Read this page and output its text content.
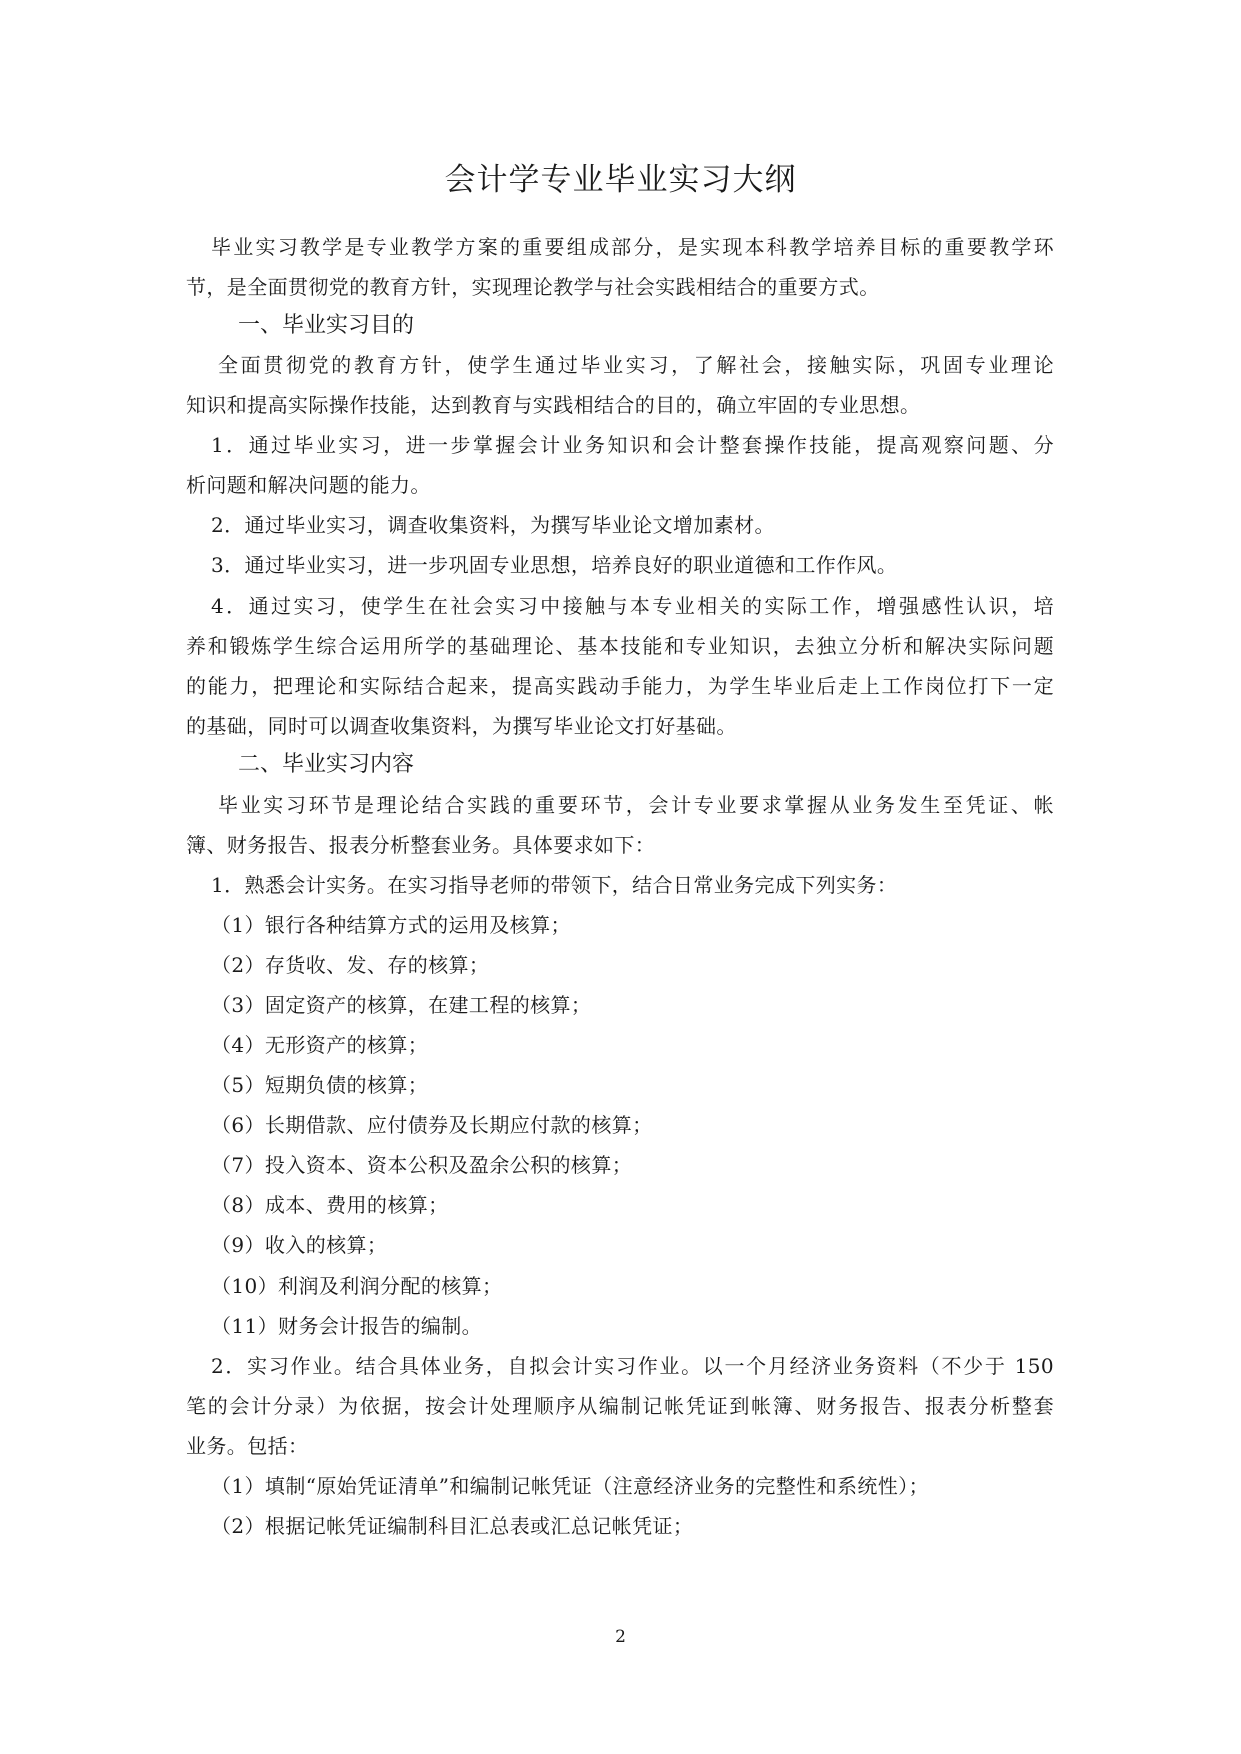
会计学专业毕业实习大纲
毕业实习教学是专业教学方案的重要组成部分，是实现本科教学培养目标的重要教学环
节，是全面贯彻党的教育方针，实现理论教学与社会实践相结合的重要方式。
一、毕业实习目的
全面贯彻党的教育方针，使学生通过毕业实习，了解社会，接触实际，巩固专业理论
知识和提高实际操作技能，达到教育与实践相结合的目的，确立牢固的专业思想。
1．通过毕业实习，进一步掌握会计业务知识和会计整套操作技能，提高观察问题、分
析问题和解决问题的能力。
2．通过毕业实习，调查收集资料，为撰写毕业论文增加素材。
3．通过毕业实习，进一步巩固专业思想，培养良好的职业道德和工作作风。
4．通过实习，使学生在社会实习中接触与本专业相关的实际工作，增强感性认识，培
养和锻炼学生综合运用所学的基础理论、基本技能和专业知识，去独立分析和解决实际问题
的能力，把理论和实际结合起来，提高实践动手能力，为学生毕业后走上工作岗位打下一定
的基础，同时可以调查收集资料，为撰写毕业论文打好基础。
二、毕业实习内容
毕业实习环节是理论结合实践的重要环节，会计专业要求掌握从业务发生至凭证、帐
簿、财务报告、报表分析整套业务。具体要求如下：
1．熟悉会计实务。在实习指导老师的带领下，结合日常业务完成下列实务：
（1）银行各种结算方式的运用及核算；
（2）存货收、发、存的核算；
（3）固定资产的核算，在建工程的核算；
（4）无形资产的核算；
（5）短期负债的核算；
（6）长期借款、应付债券及长期应付款的核算；
（7）投入资本、资本公积及盈余公积的核算；
（8）成本、费用的核算；
（9）收入的核算；
（10）利润及利润分配的核算；
（11）财务会计报告的编制。
2．实习作业。结合具体业务，自拟会计实习作业。以一个月经济业务资料（不少于 150
笔的会计分录）为依据，按会计处理顺序从编制记帐凭证到帐簿、财务报告、报表分析整套
业务。包括：
（1）填制“原始凭证清单”和编制记帐凭证（注意经济业务的完整性和系统性）；
（2）根据记帐凭证编制科目汇总表或汇总记帐凭证；
2
